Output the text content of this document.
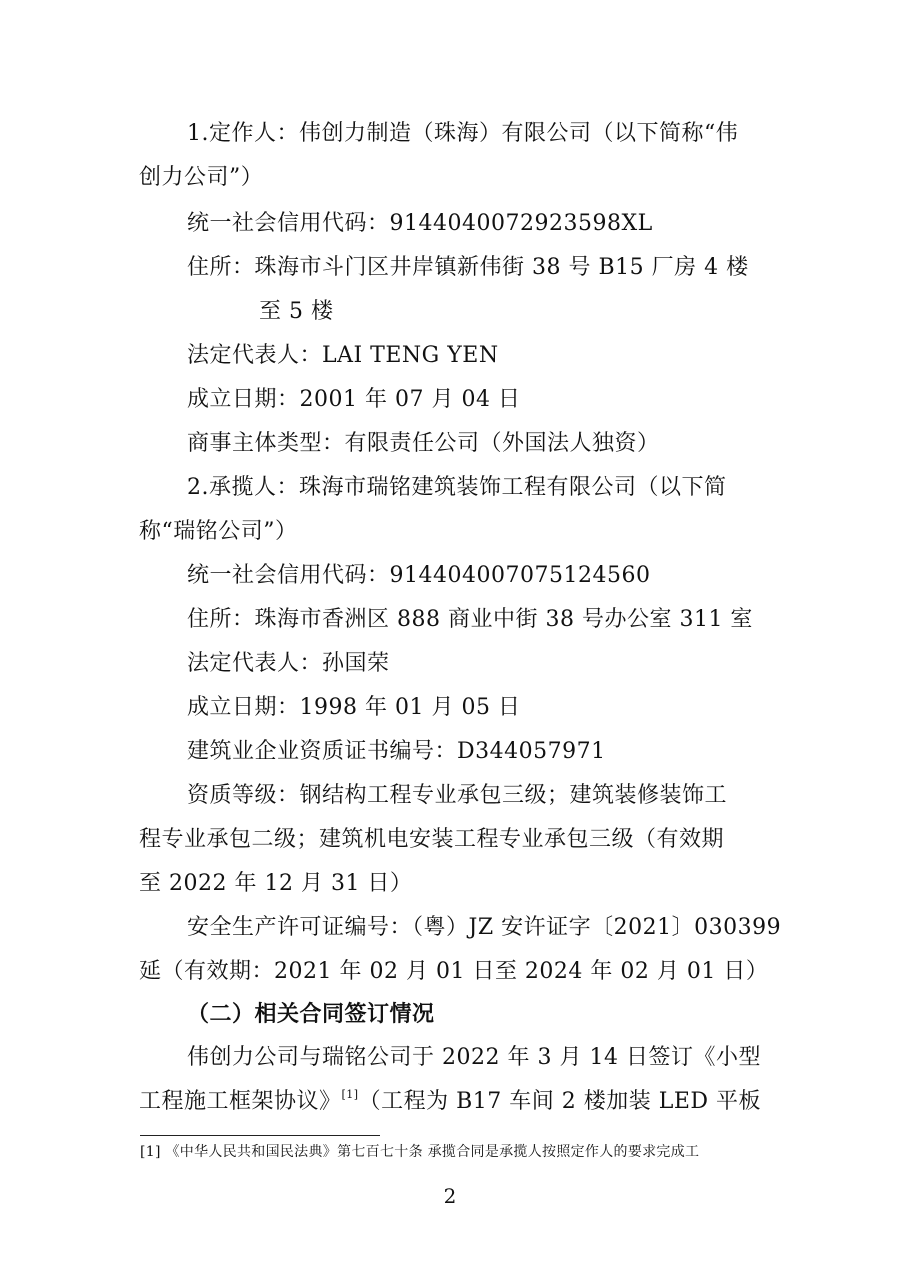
1.定作人：伟创力制造（珠海）有限公司（以下简称“伟
创力公司”）
统一社会信用代码：9144040072923598XL
住所：珠海市斗门区井岸镇新伟街 38 号 B15 厂房 4 楼
至 5 楼
法定代表人：LAI TENG YEN
成立日期：2001 年 07 月 04 日
商事主体类型：有限责任公司（外国法人独资）
2.承揽人：珠海市瑞铭建筑装饰工程有限公司（以下简
称“瑞铭公司”）
统一社会信用代码：914404007075124560
住所：珠海市香洲区 888 商业中街 38 号办公室 311 室
法定代表人：孙国荣
成立日期：1998 年 01 月 05 日
建筑业企业资质证书编号：D344057971
资质等级：钢结构工程专业承包三级；建筑装修装饰工
程专业承包二级；建筑机电安装工程专业承包三级（有效期
至 2022 年 12 月 31 日）
安全生产许可证编号：（粤）JZ 安许证字〔2021〕030399
延（有效期：2021 年 02 月 01 日至 2024 年 02 月 01 日）
（二）相关合同签订情况
伟创力公司与瑞铭公司于 2022 年 3 月 14 日签订《小型
工程施工框架协议》[1]（工程为 B17 车间 2 楼加装 LED 平板
[1] 《中华人民共和国民法典》第七百七十条 承揽合同是承揽人按照定作人的要求完成工
2
